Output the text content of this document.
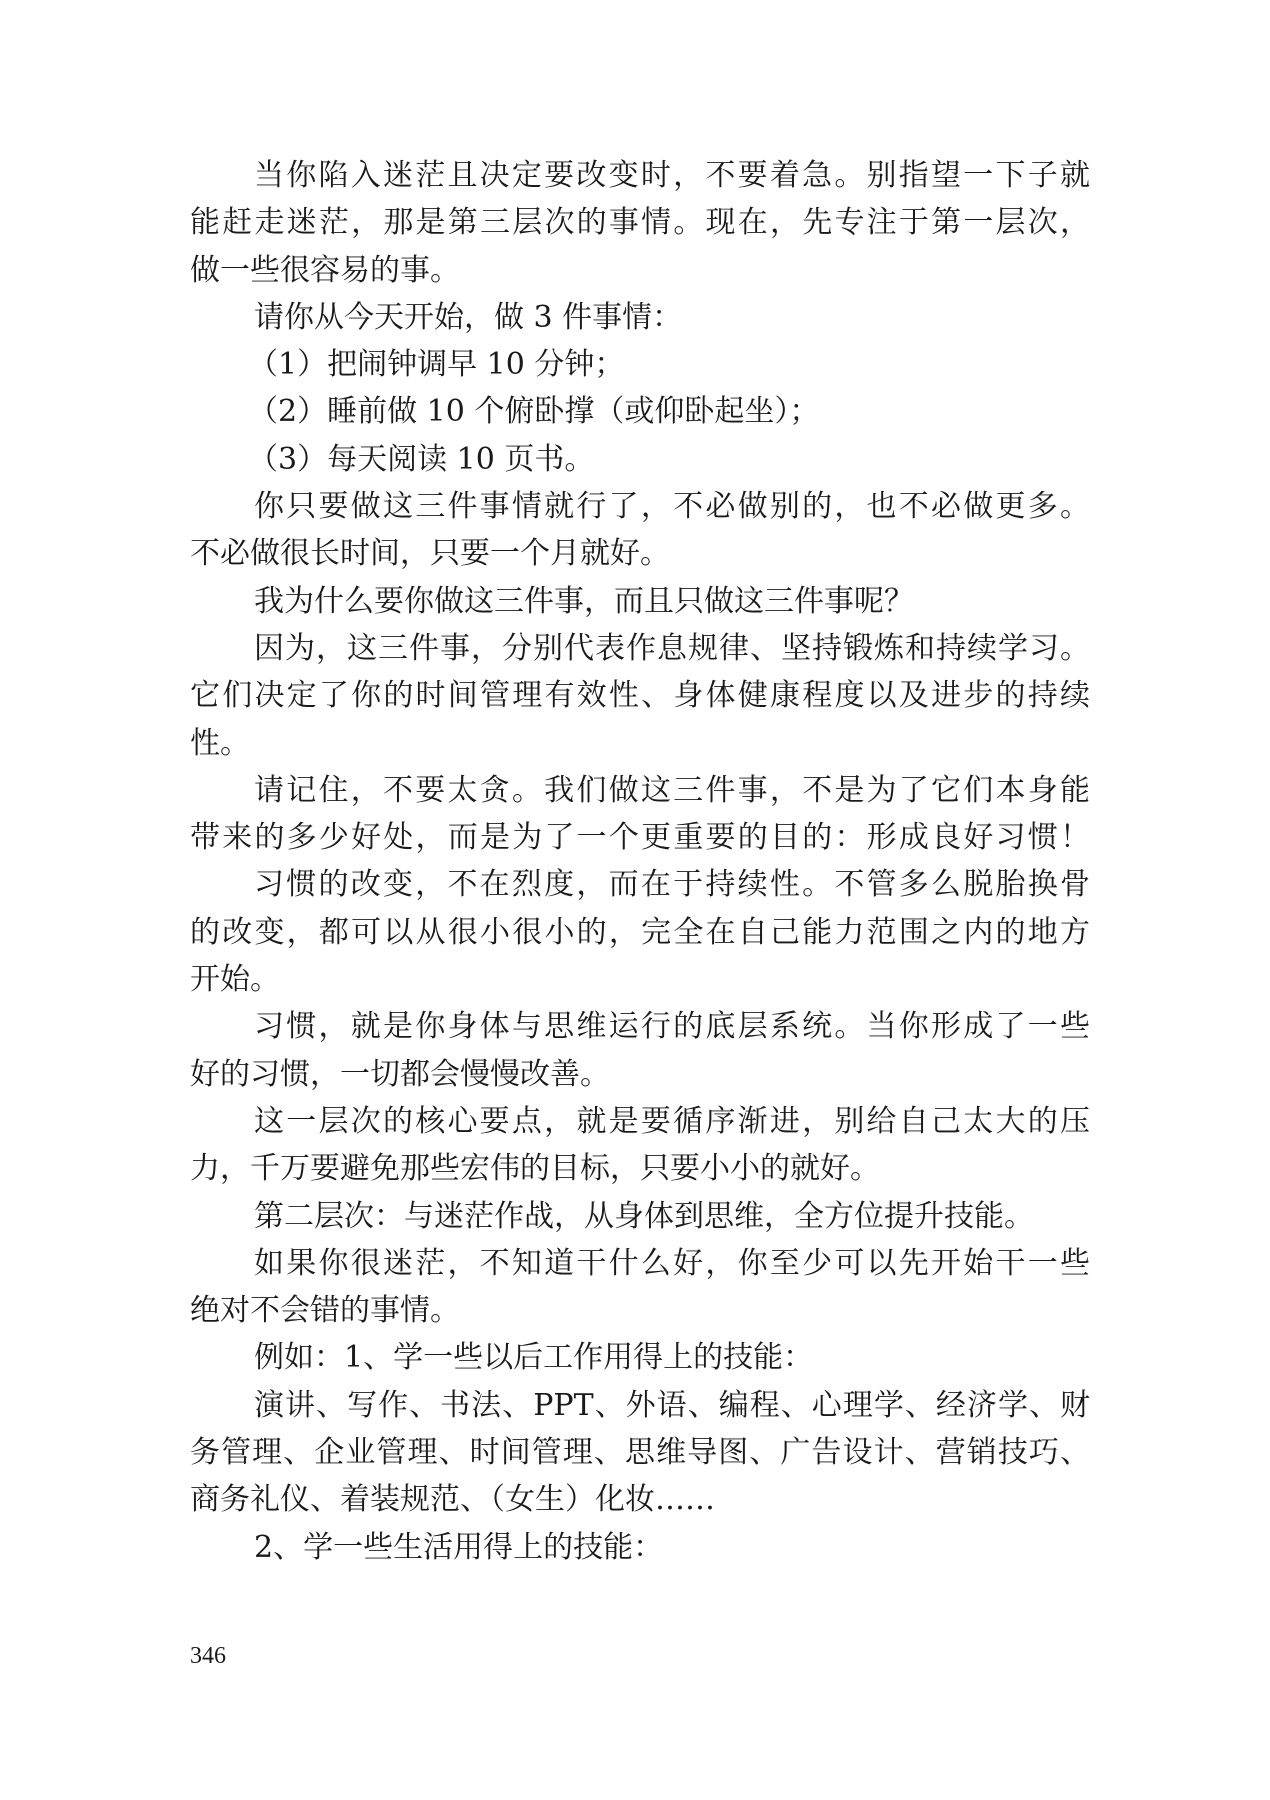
当你陷入迷茫且决定要改变时，不要着急。别指望一下子就
能赶走迷茫，那是第三层次的事情。现在，先专注于第一层次，
做一些很容易的事。
请你从今天开始，做 3 件事情：
（1）把闹钟调早 10 分钟；
（2）睡前做 10 个俯卧撑（或仰卧起坐）；
（3）每天阅读 10 页书。
你只要做这三件事情就行了，不必做别的，也不必做更多。
不必做很长时间，只要一个月就好。
我为什么要你做这三件事，而且只做这三件事呢？
因为，这三件事，分别代表作息规律、坚持锻炼和持续学习。
它们决定了你的时间管理有效性、身体健康程度以及进步的持续
性。
请记住，不要太贪。我们做这三件事，不是为了它们本身能
带来的多少好处，而是为了一个更重要的目的：形成良好习惯！
习惯的改变，不在烈度，而在于持续性。不管多么脱胎换骨
的改变，都可以从很小很小的，完全在自己能力范围之内的地方
开始。
习惯，就是你身体与思维运行的底层系统。当你形成了一些
好的习惯，一切都会慢慢改善。
这一层次的核心要点，就是要循序渐进，别给自己太大的压
力，千万要避免那些宏伟的目标，只要小小的就好。
第二层次：与迷茫作战，从身体到思维，全方位提升技能。
如果你很迷茫，不知道干什么好，你至少可以先开始干一些
绝对不会错的事情。
例如：1、学一些以后工作用得上的技能：
演讲、写作、书法、PPT、外语、编程、心理学、经济学、财
务管理、企业管理、时间管理、思维导图、广告设计、营销技巧、
商务礼仪、着装规范、（女生）化妆……
2、学一些生活用得上的技能：
346
